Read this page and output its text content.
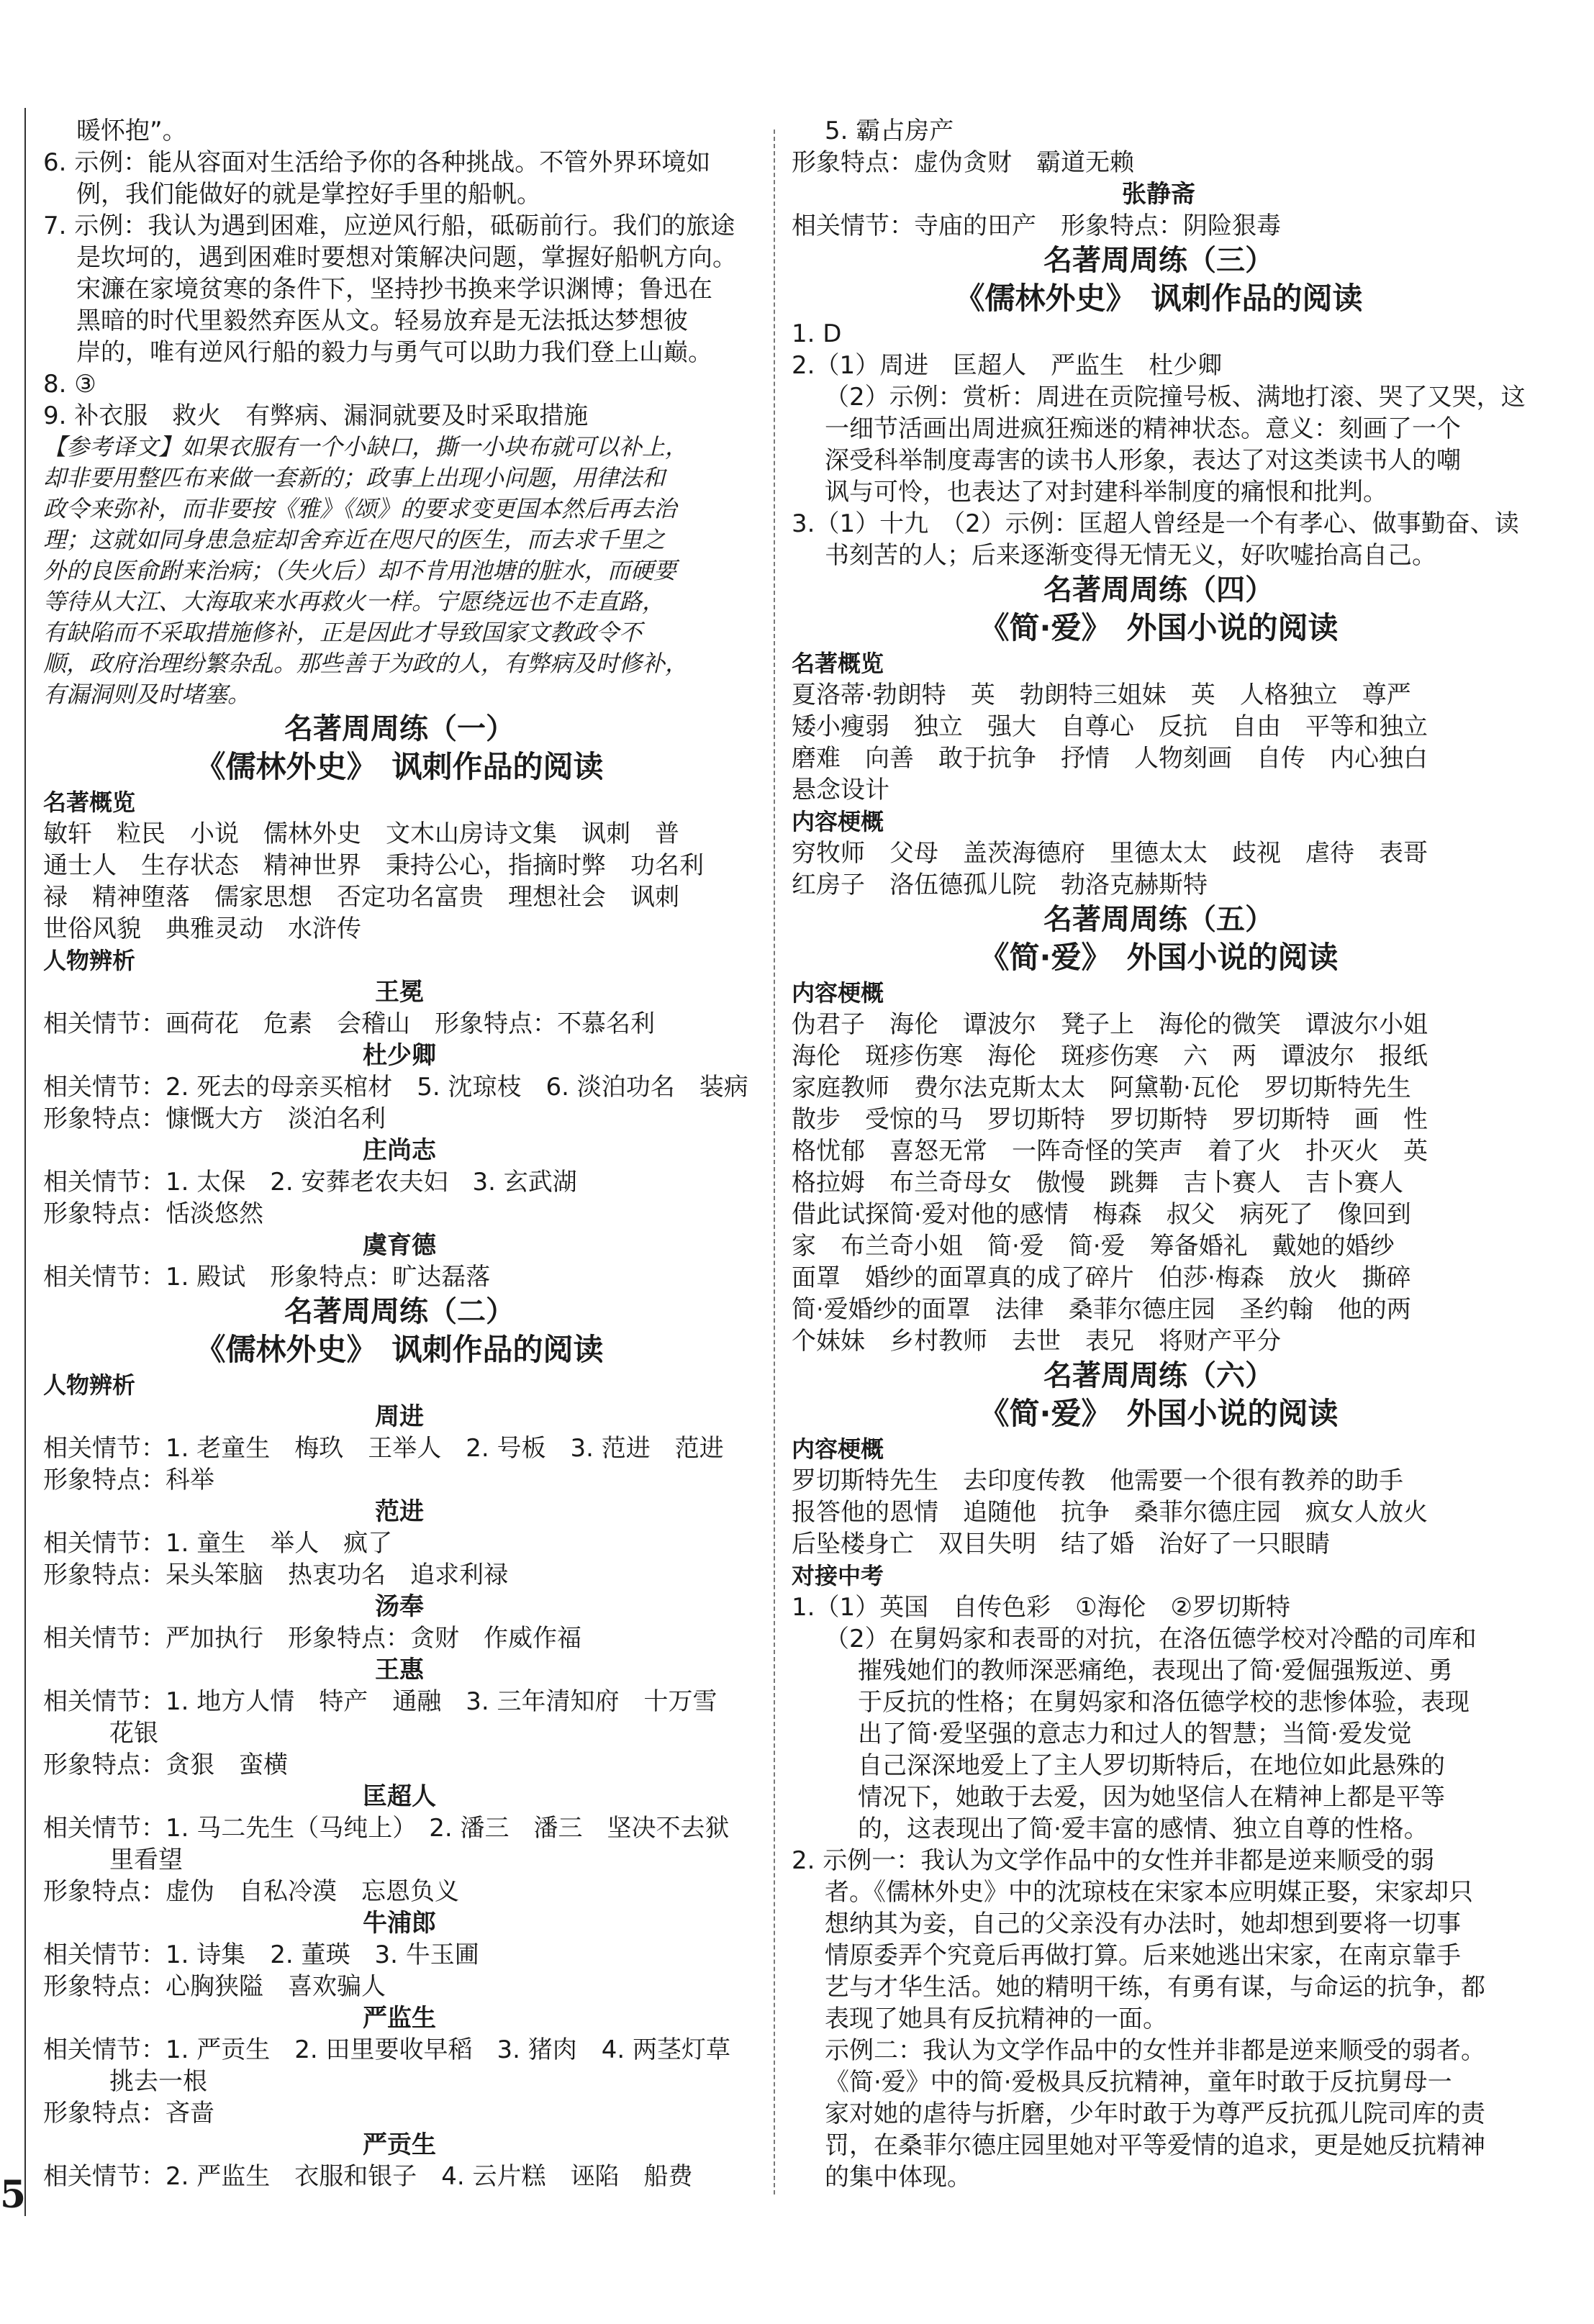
暖怀抱”。
6. 示例：能从容面对生活给予你的各种挑战。不管外界环境如
例，我们能做好的就是掌控好手里的船帆。
7. 示例：我认为遇到困难，应逆风行船，砥砺前行。我们的旅途
是坎坷的，遇到困难时要想对策解决问题，掌握好船帆方向。
宋濂在家境贫寒的条件下，坚持抄书换来学识渊博；鲁迅在
黑暗的时代里毅然弃医从文。轻易放弃是无法抵达梦想彼
岸的，唯有逆风行船的毅力与勇气可以助力我们登上山巅。
8. ③
9. 补衣服　救火　有弊病、漏洞就要及时采取措施
【参考译文】如果衣服有一个小缺口，撕一小块布就可以补上，
却非要用整匹布来做一套新的；政事上出现小问题，用律法和
政令来弥补，而非要按《雅》《颂》的要求变更国本然后再去治
理；这就如同身患急症却舍弃近在咫尺的医生，而去求千里之
外的良医俞跗来治病；（失火后）却不肯用池塘的脏水，而硬要
等待从大江、大海取来水再救火一样。宁愿绕远也不走直路，
有缺陷而不采取措施修补，正是因此才导致国家文教政令不
顺，政府治理纷繁杂乱。那些善于为政的人，有弊病及时修补，
有漏洞则及时堵塞。
名著周周练（一）
《儒林外史》　讽刺作品的阅读
名著概览
敏轩　粒民　小说　儒林外史　文木山房诗文集　讽刺　普
通士人　生存状态　精神世界　秉持公心，指摘时弊　功名利
禄　精神堕落　儒家思想　否定功名富贵　理想社会　讽刺
世俗风貌　典雅灵动　水浒传
人物辨析
王冕
相关情节：画荷花　危素　会稽山　形象特点：不慕名利
杜少卿
相关情节：2. 死去的母亲买棺材　5. 沈琼枝　6. 淡泊功名　装病
形象特点：慷慨大方　淡泊名利
庄尚志
相关情节：1. 太保　2. 安葬老农夫妇　3. 玄武湖
形象特点：恬淡悠然
虞育德
相关情节：1. 殿试　形象特点：旷达磊落
名著周周练（二）
《儒林外史》　讽刺作品的阅读
人物辨析
周进
相关情节：1. 老童生　梅玖　王举人　2. 号板　3. 范进　范进
形象特点：科举
范进
相关情节：1. 童生　举人　疯了
形象特点：呆头笨脑　热衷功名　追求利禄
汤奉
相关情节：严加执行　形象特点：贪财　作威作福
王惠
相关情节：1. 地方人情　特产　通融　3. 三年清知府　十万雪
花银
形象特点：贪狠　蛮横
匡超人
相关情节：1. 马二先生（马纯上）　2. 潘三　潘三　坚决不去狱
里看望
形象特点：虚伪　自私冷漠　忘恩负义
牛浦郎
相关情节：1. 诗集　2. 董瑛　3. 牛玉圃
形象特点：心胸狭隘　喜欢骗人
严监生
相关情节：1. 严贡生　2. 田里要收早稻　3. 猪肉　4. 两茎灯草
挑去一根
形象特点：吝啬
严贡生
相关情节：2. 严监生　衣服和银子　4. 云片糕　诬陷　船费
5. 霸占房产
形象特点：虚伪贪财　霸道无赖
张静斋
相关情节：寺庙的田产　形象特点：阴险狠毒
名著周周练（三）
《儒林外史》　讽刺作品的阅读
1. D
2.（1）周进　匡超人　严监生　杜少卿
（2）示例：赏析：周进在贡院撞号板、满地打滚、哭了又哭，这
一细节活画出周进疯狂痴迷的精神状态。意义：刻画了一个
深受科举制度毒害的读书人形象，表达了对这类读书人的嘲
讽与可怜，也表达了对封建科举制度的痛恨和批判。
3.（1）十九　（2）示例：匡超人曾经是一个有孝心、做事勤奋、读
书刻苦的人；后来逐渐变得无情无义，好吹嘘抬高自己。
名著周周练（四）
《简·爱》　外国小说的阅读
名著概览
夏洛蒂·勃朗特　英　勃朗特三姐妹　英　人格独立　尊严
矮小瘦弱　独立　强大　自尊心　反抗　自由　平等和独立
磨难　向善　敢于抗争　抒情　人物刻画　自传　内心独白
悬念设计
内容梗概
穷牧师　父母　盖茨海德府　里德太太　歧视　虐待　表哥
红房子　洛伍德孤儿院　勃洛克赫斯特
名著周周练（五）
《简·爱》　外国小说的阅读
内容梗概
伪君子　海伦　谭波尔　凳子上　海伦的微笑　谭波尔小姐
海伦　斑疹伤寒　海伦　斑疹伤寒　六　两　谭波尔　报纸
家庭教师　费尔法克斯太太　阿黛勒·瓦伦　罗切斯特先生
散步　受惊的马　罗切斯特　罗切斯特　罗切斯特　画　性
格忧郁　喜怒无常　一阵奇怪的笑声　着了火　扑灭火　英
格拉姆　布兰奇母女　傲慢　跳舞　吉卜赛人　吉卜赛人
借此试探简·爱对他的感情　梅森　叔父　病死了　像回到
家　布兰奇小姐　简·爱　简·爱　筹备婚礼　戴她的婚纱
面罩　婚纱的面罩真的成了碎片　伯莎·梅森　放火　撕碎
简·爱婚纱的面罩　法律　桑菲尔德庄园　圣约翰　他的两
个妹妹　乡村教师　去世　表兄　将财产平分
名著周周练（六）
《简·爱》　外国小说的阅读
内容梗概
罗切斯特先生　去印度传教　他需要一个很有教养的助手
报答他的恩情　追随他　抗争　桑菲尔德庄园　疯女人放火
后坠楼身亡　双目失明　结了婚　治好了一只眼睛
对接中考
1.（1）英国　自传色彩　①海伦　②罗切斯特
（2）在舅妈家和表哥的对抗，在洛伍德学校对冷酷的司库和
摧残她们的教师深恶痛绝，表现出了简·爱倔强叛逆、勇
于反抗的性格；在舅妈家和洛伍德学校的悲惨体验，表现
出了简·爱坚强的意志力和过人的智慧；当简·爱发觉
自己深深地爱上了主人罗切斯特后，在地位如此悬殊的
情况下，她敢于去爱，因为她坚信人在精神上都是平等
的，这表现出了简·爱丰富的感情、独立自尊的性格。
2. 示例一：我认为文学作品中的女性并非都是逆来顺受的弱
者。《儒林外史》中的沈琼枝在宋家本应明媒正娶，宋家却只
想纳其为妾，自己的父亲没有办法时，她却想到要将一切事
情原委弄个究竟后再做打算。后来她逃出宋家，在南京靠手
艺与才华生活。她的精明干练，有勇有谋，与命运的抗争，都
表现了她具有反抗精神的一面。
示例二：我认为文学作品中的女性并非都是逆来顺受的弱者。
《简·爱》中的简·爱极具反抗精神，童年时敢于反抗舅母一
家对她的虐待与折磨，少年时敢于为尊严反抗孤儿院司库的责
罚，在桑菲尔德庄园里她对平等爱情的追求，更是她反抗精神
的集中体现。
5
